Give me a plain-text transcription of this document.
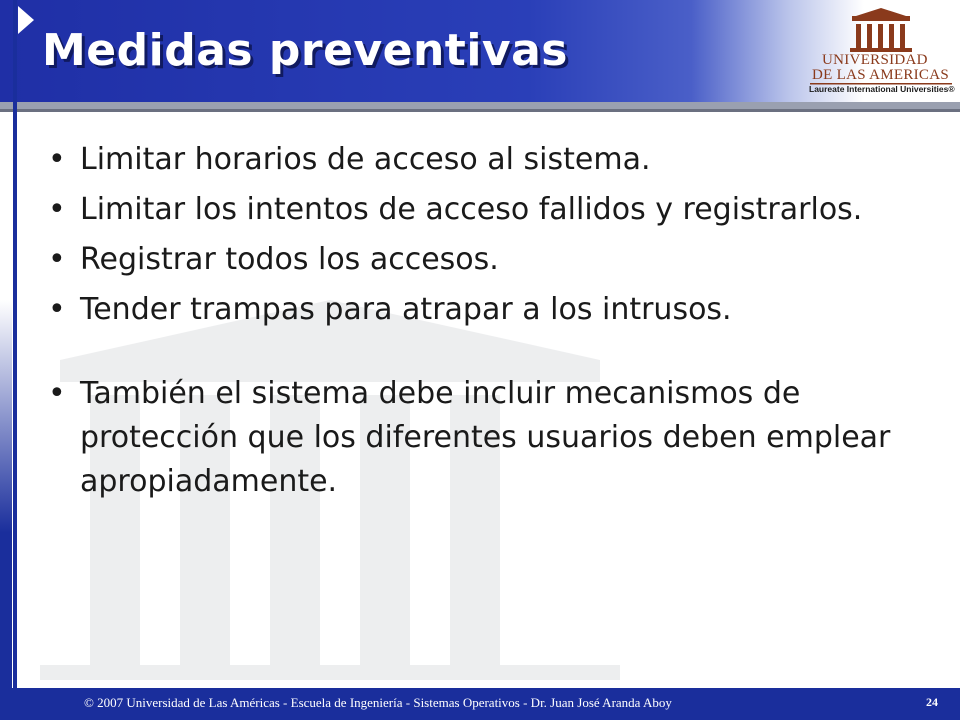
Medidas preventivas	UNIVERSIDAD
DE LAS AMERICAS
Laureate International Universities®
• Limitar horarios de acceso al sistema.
• Limitar los intentos de acceso fallidos y registrarlos.
• Registrar todos los accesos.
• Tender trampas para atrapar a los intrusos.
• También el sistema debe incluir mecanismos de protección que los diferentes usuarios deben emplear apropiadamente.
© 2007 Universidad de Las Américas - Escuela de Ingeniería - Sistemas Operativos - Dr. Juan José Aranda Aboy	24
